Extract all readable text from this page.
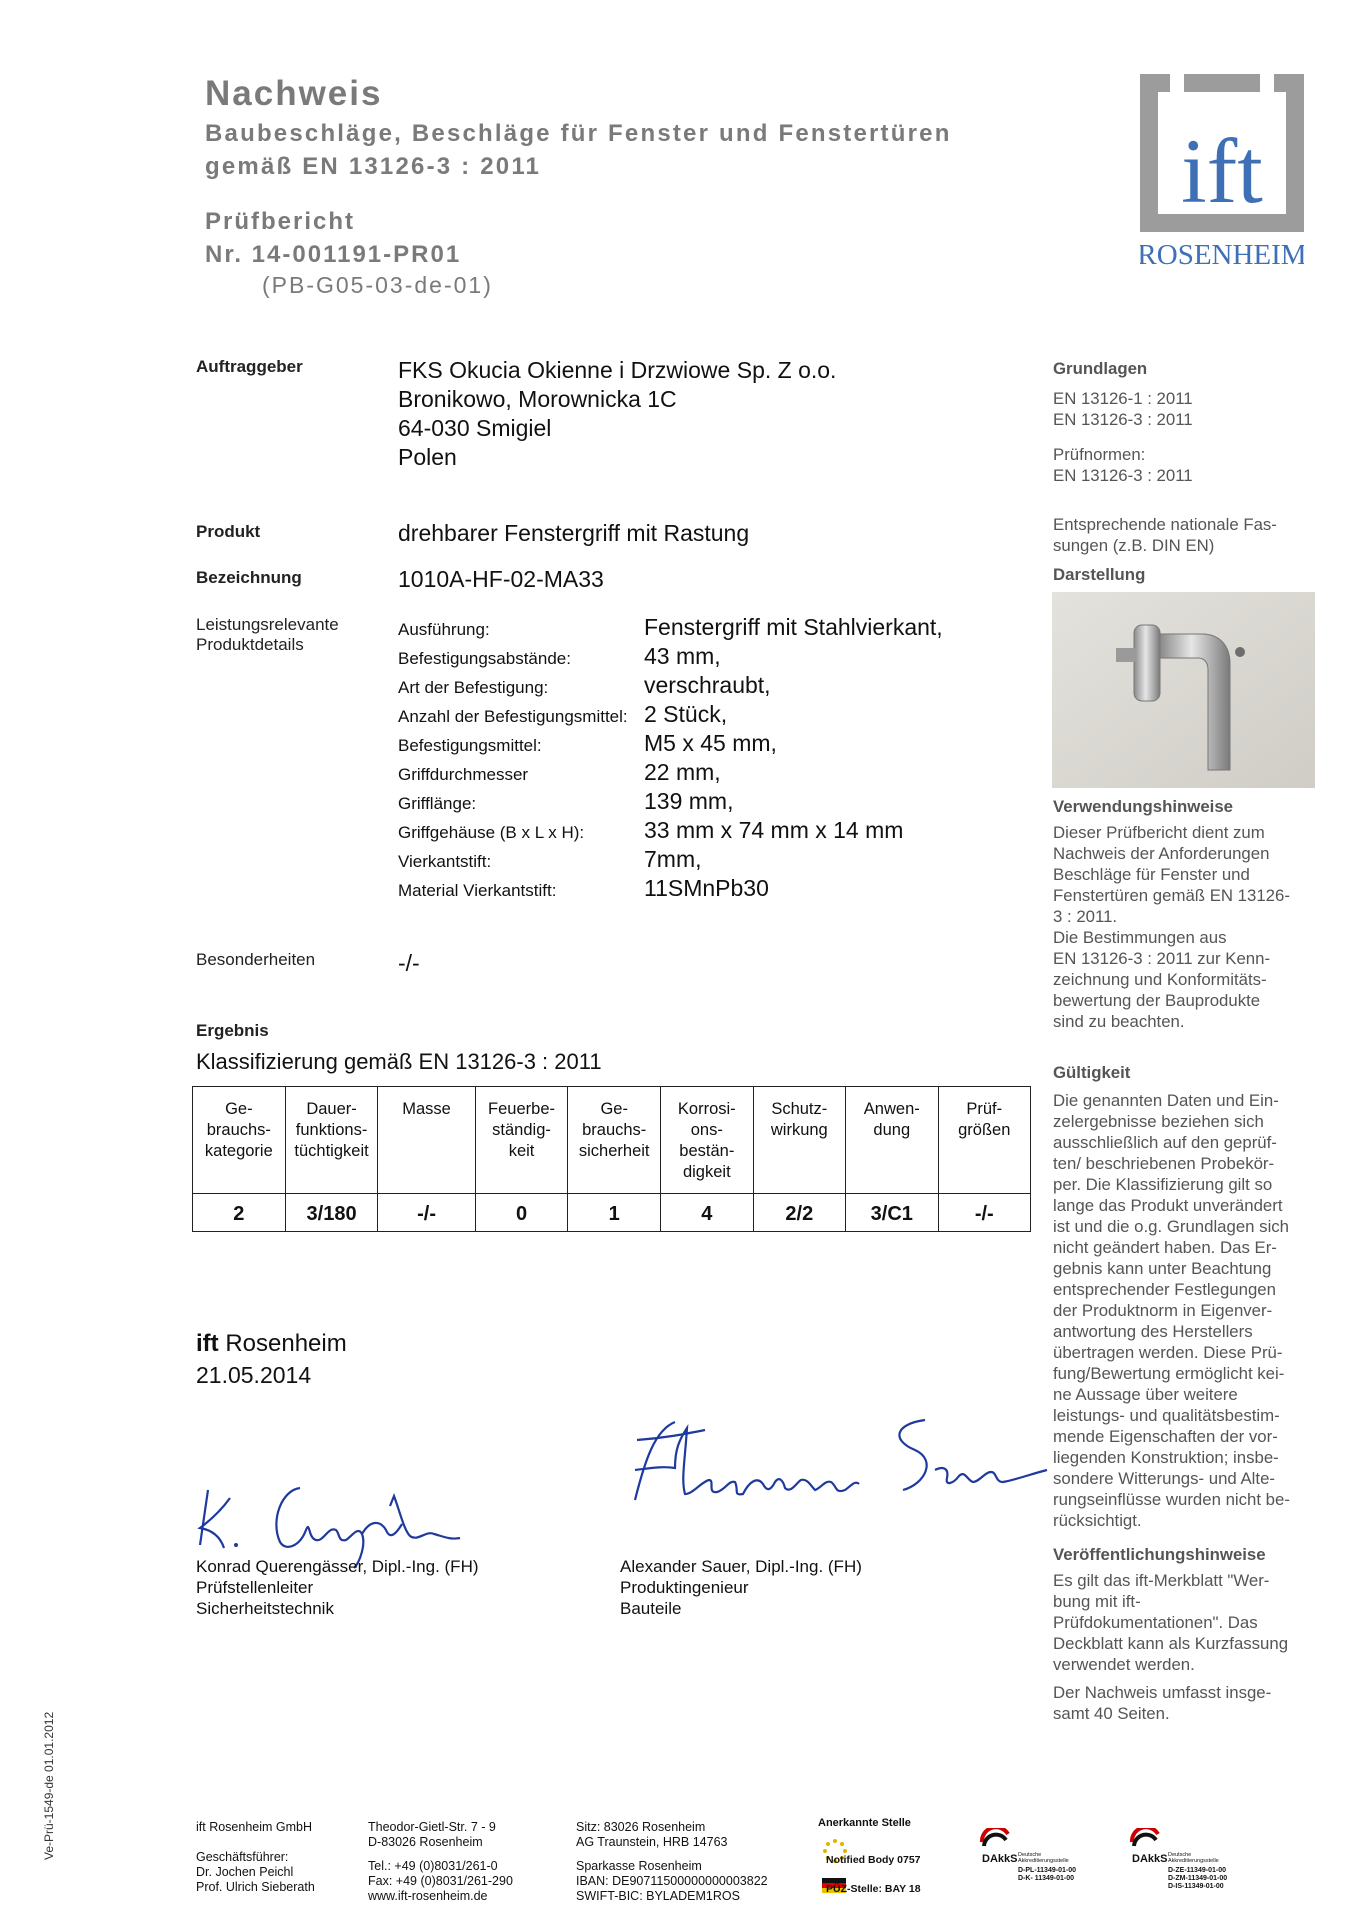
Nachweis
Baubeschläge, Beschläge für Fenster und Fenstertüren
gemäß EN 13126-3 : 2011
Prüfbericht
Nr. 14-001191-PR01
(PB-G05-03-de-01)
ift
ROSENHEIM
Auftraggeber	FKS Okucia Okienne i Drzwiowe Sp. Z o.o.
Bronikowo, Morownicka 1C
64-030 Smigiel
Polen
Produkt	drehbarer Fenstergriff mit Rastung
Bezeichnung	1010A-HF-02-MA33
Leistungsrelevante
Produktdetails
Ausführung:	Fenstergriff mit Stahlvierkant,
Befestigungsabstände:	43 mm,
Art der Befestigung:	verschraubt,
Anzahl der Befestigungsmittel: 2 Stück,
Befestigungsmittel:	M5 x 45 mm,
Griffdurchmesser	22 mm,
Grifflänge:	139 mm,
Griffgehäuse (B x L x H):	33 mm x 74 mm x 14 mm
Vierkantstift:	7mm,
Material Vierkantstift:	11SMnPb30
Besonderheiten	-/-
Ergebnis
Klassifizierung gemäß EN 13126-3 : 2011
Ge-
brauchs-
kategorie	Dauer-
funktions-
tüchtigkeit	Masse	Feuerbe-
ständig-
keit	Ge-
brauchs-
sicherheit	Korrosi-
ons-
bestän-
digkeit	Schutz-
wirkung	Anwen-
dung	Prüf-
größen
2	3/180	-/-	0	1	4	2/2	3/C1	-/-
ift Rosenheim
21.05.2014
Konrad Querengässer, Dipl.-Ing. (FH)
Prüfstellenleiter
Sicherheitstechnik
Alexander Sauer, Dipl.-Ing. (FH)
Produktingenieur
Bauteile
Grundlagen
EN 13126-1 : 2011
EN 13126-3 : 2011
Prüfnormen:
EN 13126-3 : 2011
Entsprechende nationale Fas-
sungen (z.B. DIN EN)
Darstellung
Verwendungshinweise
Dieser Prüfbericht dient zum
Nachweis der Anforderungen
Beschläge für Fenster und
Fenstertüren gemäß EN 13126-
3 : 2011.
Die Bestimmungen aus
EN 13126-3 : 2011 zur Kenn-
zeichnung und Konformitäts-
bewertung der Bauprodukte
sind zu beachten.
Gültigkeit
Die genannten Daten und Ein-
zelergebnisse beziehen sich
ausschließlich auf den geprüf-
ten/ beschriebenen Probekör-
per. Die Klassifizierung gilt so
lange das Produkt unverändert
ist und die o.g. Grundlagen sich
nicht geändert haben. Das Er-
gebnis kann unter Beachtung
entsprechender Festlegungen
der Produktnorm in Eigenver-
antwortung des Herstellers
übertragen werden. Diese Prü-
fung/Bewertung ermöglicht kei-
ne Aussage über weitere
leistungs- und qualitätsbestim-
mende Eigenschaften der vor-
liegenden Konstruktion; insbe-
sondere Witterungs- und Alte-
rungseinflüsse wurden nicht be-
rücksichtigt.
Veröffentlichungshinweise
Es gilt das ift-Merkblatt "Wer-
bung mit ift-
Prüfdokumentationen". Das
Deckblatt kann als Kurzfassung
verwendet werden.
Der Nachweis umfasst insge-
samt 40 Seiten.
ift Rosenheim GmbH

Geschäftsführer:
Dr. Jochen Peichl
Prof. Ulrich Sieberath
Theodor-Gietl-Str. 7 - 9
D-83026 Rosenheim
Tel.: +49 (0)8031/261-0
Fax: +49 (0)8031/261-290
www.ift-rosenheim.de
Sitz: 83026 Rosenheim
AG Traunstein, HRB 14763
Sparkasse Rosenheim
IBAN: DE90711500000000003822
SWIFT-BIC: BYLADEM1ROS
Anerkannte Stelle
Notified Body 0757
PÜZ-Stelle: BAY 18
DAkkS Deutsche
Akkreditierungsstelle
D-PL-11349-01-00
D-K- 11349-01-00
DAkkS Deutsche
Akkreditierungsstelle
D-ZE-11349-01-00
D-ZM-11349-01-00
D-IS-11349-01-00
Ve-Prü-1549-de 01.01.2012
